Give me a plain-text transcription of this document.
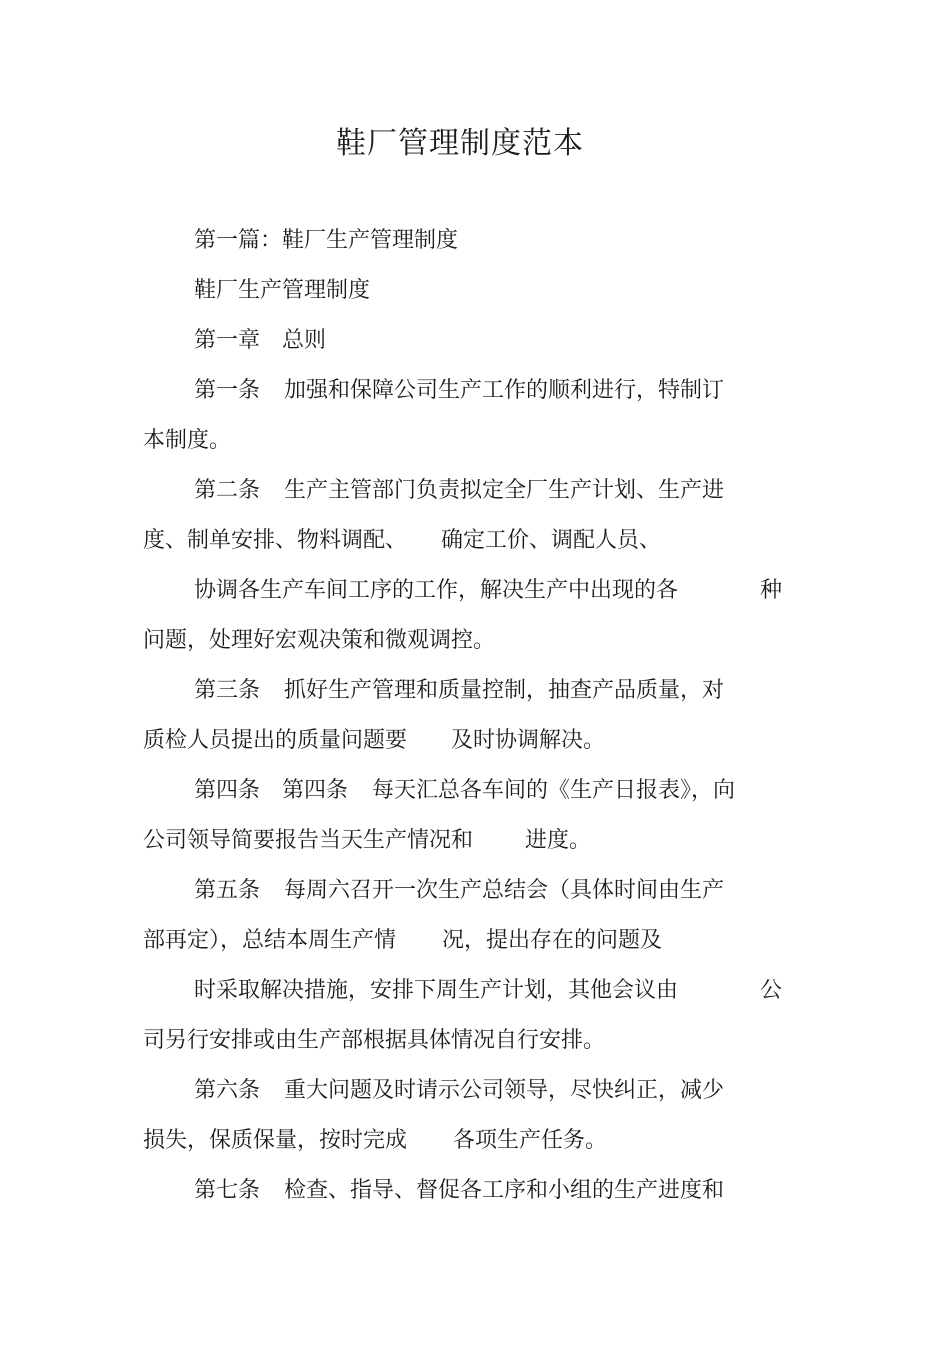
鞋厂管理制度范本
第一篇：鞋厂生产管理制度
鞋厂生产管理制度
第一章 总则
第一条 加强和保障公司生产工作的顺利进行，特制订
本制度。
第二条 生产主管部门负责拟定全厂生产计划、生产进
度、制单安排、物料调配、 确定工价、调配人员、
协调各生产车间工序的工作，解决生产中出现的各	种
问题，处理好宏观决策和微观调控。
第三条 抓好生产管理和质量控制，抽查产品质量，对
质检人员提出的质量问题要 及时协调解决。
第四条 第四条 每天汇总各车间的《生产日报表》，向
公司领导简要报告当天生产情况和 进度。
第五条 每周六召开一次生产总结会（具体时间由生产
部再定），总结本周生产情 况，提出存在的问题及
时采取解决措施，安排下周生产计划，其他会议由	公
司另行安排或由生产部根据具体情况自行安排。
第六条 重大问题及时请示公司领导，尽快纠正，减少
损失，保质保量，按时完成 各项生产任务。
第七条 检查、指导、督促各工序和小组的生产进度和
